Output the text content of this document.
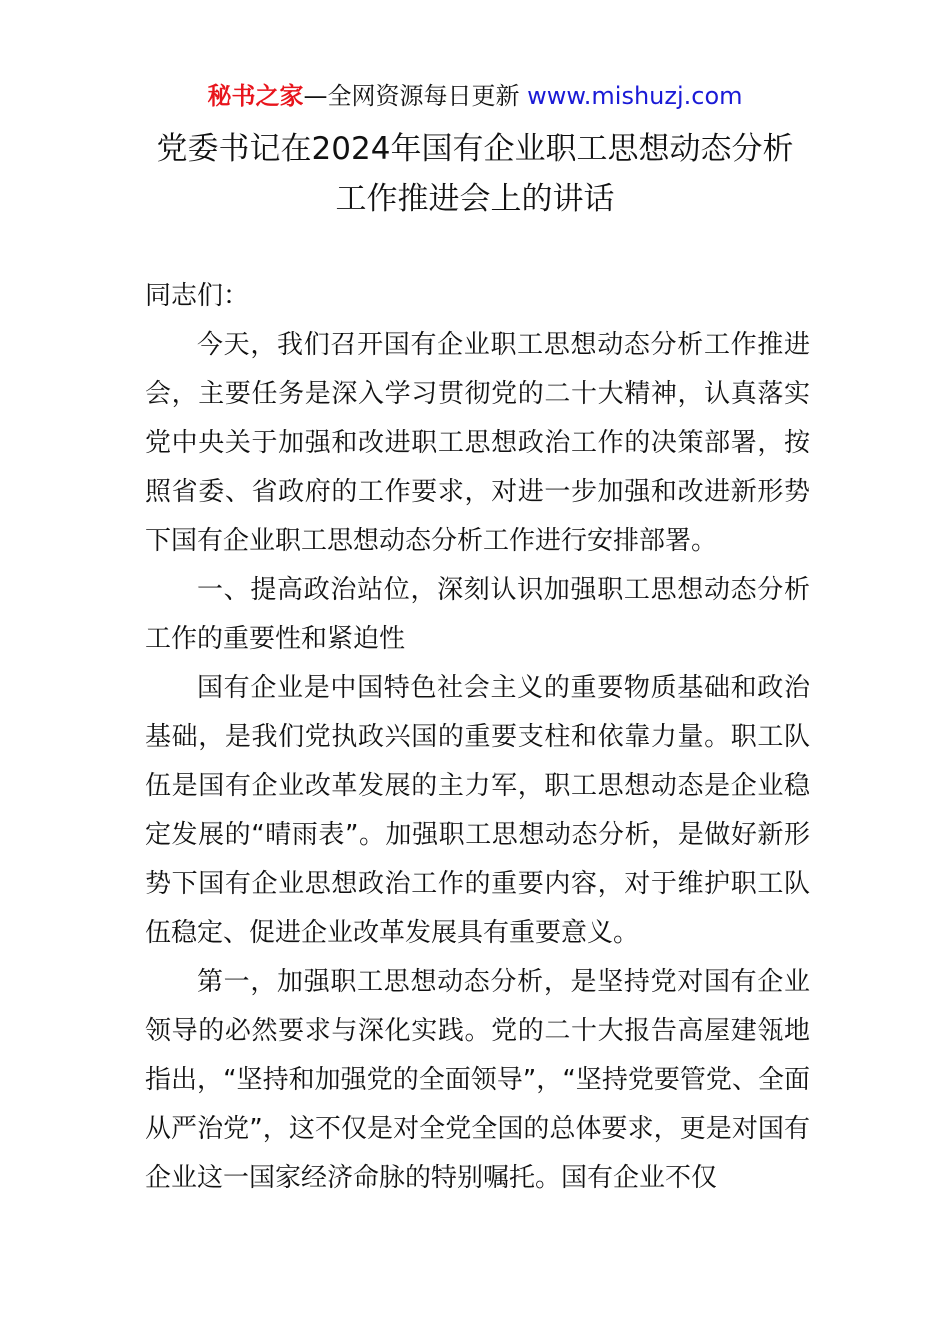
秘书之家—全网资源每日更新 www.mishuzj.com
党委书记在2024年国有企业职工思想动态分析
工作推进会上的讲话

同志们：

今天，我们召开国有企业职工思想动态分析工作推进会，主要任务是深入学习贯彻党的二十大精神，认真落实党中央关于加强和改进职工思想政治工作的决策部署，按照省委、省政府的工作要求，对进一步加强和改进新形势下国有企业职工思想动态分析工作进行安排部署。

一、提高政治站位，深刻认识加强职工思想动态分析工作的重要性和紧迫性

国有企业是中国特色社会主义的重要物质基础和政治基础，是我们党执政兴国的重要支柱和依靠力量。职工队伍是国有企业改革发展的主力军，职工思想动态是企业稳定发展的“晴雨表”。加强职工思想动态分析，是做好新形势下国有企业思想政治工作的重要内容，对于维护职工队伍稳定、促进企业改革发展具有重要意义。

第一，加强职工思想动态分析，是坚持党对国有企业领导的必然要求与深化实践。党的二十大报告高屋建瓴地指出，“坚持和加强党的全面领导”，“坚持党要管党、全面从严治党”，这不仅是对全党全国的总体要求，更是对国有企业这一国家经济命脉的特别嘱托。国有企业不仅
